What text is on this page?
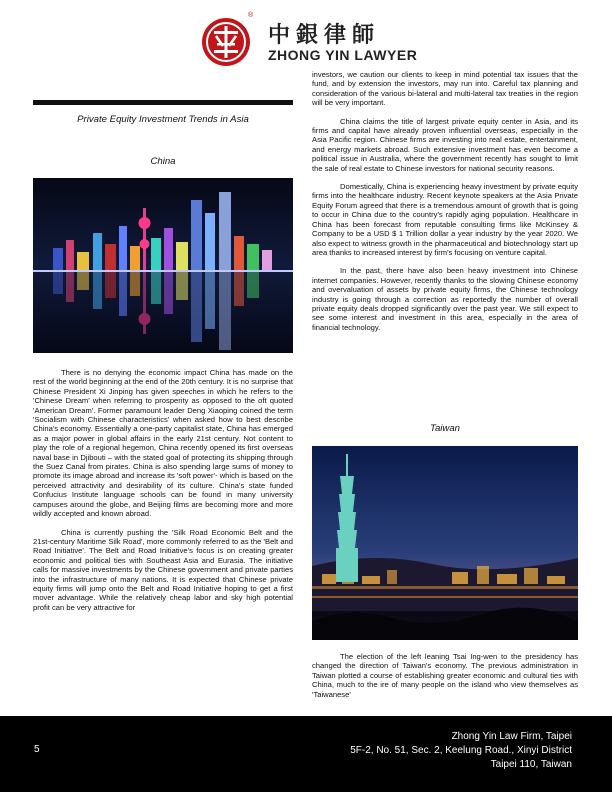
®
中銀律師
ZHONG YIN LAWYER
Private Equity Investment Trends in Asia
China

There is no denying the economic impact China has made on the rest of the world beginning at the end of the 20th century. It is no surprise that Chinese President Xi Jinping has given speeches in which he refers to the 'Chinese Dream' when referring to prosperity as opposed to the oft quoted 'American Dream'. Former paramount leader Deng Xiaoping coined the term 'Socialism with Chinese characteristics' when asked how to best describe China's economy. Essentially a one-party capitalist state, China has emerged as a major power in global affairs in the early 21st century. Not content to play the role of a regional hegemon, China recently opened its first overseas naval base in Djibouti – with the stated goal of protecting its shipping through the Suez Canal from pirates. China is also spending large sums of money to promote its image abroad and increase its 'soft power'- which is based on the perceived attractivity and desirability of its culture. China's state funded Confucius Institute language schools can be found in many university campuses around the globe, and Beijing films are becoming more and more wildly accepted and known abroad.

China is currently pushing the 'Silk Road Economic Belt and the 21st-century Maritime Silk Road', more commonly referred to as the 'Belt and Road Initiative'. The Belt and Road Initiative's focus is on creating greater economic and political ties with Southeast Asia and Eurasia. The initiative calls for massive investments by the Chinese government and private parties into the infrastructure of many nations. It is expected that Chinese private equity firms will jump onto the Belt and Road Initiative hoping to get a first mover advantage. While the relatively cheap labor and sky high potential profit can be very attractive for

investors, we caution our clients to keep in mind potential tax issues that the fund, and by extension the investors, may run into. Careful tax planning and consideration of the various bi-lateral and multi-lateral tax treaties in the region will be very important.

China claims the title of largest private equity center in Asia, and its firms and capital have already proven influential overseas, especially in the Asia Pacific region. Chinese firms are investing into real estate, entertainment, and energy markets abroad. Such extensive investment has even become a political issue in Australia, where the government recently has sought to limit the sale of real estate to Chinese investors for national security reasons.

Domestically, China is experiencing heavy investment by private equity firms into the healthcare industry. Recent keynote speakers at the Asia Private Equity Forum agreed that there is a tremendous amount of growth that is going to occur in China due to the country's rapidly aging population. Healthcare in China has been forecast from reputable consulting firms like McKinsey & Company to be a USD $ 1 Trillion dollar a year industry by the year 2020. We also expect to witness growth in the pharmaceutical and biotechnology start up area thanks to increased interest by firm's focusing on venture capital.

In the past, there have also been heavy investment into Chinese internet companies. However, recently thanks to the slowing Chinese economy and overvaluation of assets by private equity firms, the Chinese technology industry is going through a correction as reportedly the number of overall private equity deals dropped significantly over the past year. We still expect to see some interest and investment in this area, especially in the area of financial technology.

Taiwan

The election of the left leaning Tsai Ing-wen to the presidency has changed the direction of Taiwan's economy. The previous administration in Taiwan plotted a course of establishing greater economic and cultural ties with China, much to the ire of many people on the island who view themselves as 'Taiwanese'

5
Zhong Yin Law Firm, Taipei
5F-2, No. 51, Sec. 2, Keelung Road., Xinyi District
Taipei 110, Taiwan
